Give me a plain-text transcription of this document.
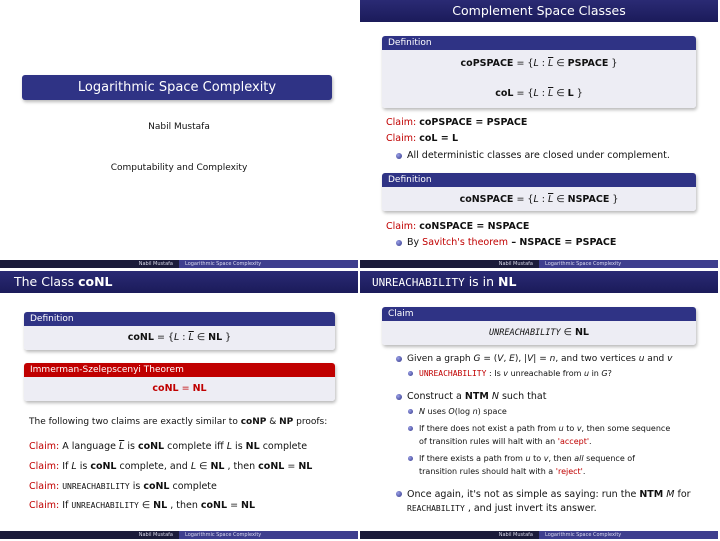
Logarithmic Space Complexity
Nabil Mustafa
Computability and Complexity
Nabil Mustafa	Logarithmic Space Complexity
Complement Space Classes
Definition
coPSPACE = {L : $\overline{L}$ ∈ PSPACE }
coL = {L : $\overline{L}$ ∈ L }
Claim: coPSPACE = PSPACE
Claim: coL = L
All deterministic classes are closed under complement.
Definition
coNSPACE = {L : $\overline{L}$ ∈ NSPACE }
Claim: coNSPACE = NSPACE
By Savitch's theorem – NSPACE = PSPACE
Nabil Mustafa	Logarithmic Space Complexity
The Class coNL
Definition
coNL = {L : $\overline{L}$ ∈ NL }
Immerman-Szelepscenyi Theorem
coNL = NL
The following two claims are exactly similar to coNP & NP proofs:
Claim: A language $\overline{L}$ is coNL complete iff L is NL complete
Claim: If L is coNL complete, and L ∈ NL , then coNL = NL
Claim: UNREACHABILITY is coNL complete
Claim: If UNREACHABILITY ∈ NL , then coNL = NL
Nabil Mustafa	Logarithmic Space Complexity
UNREACHABILITY is in NL
Claim
UNREACHABILITY ∈ NL
Given a graph G = (V, E), |V| = n, and two vertices u and v
UNREACHABILITY : Is v unreachable from u in G?
Construct a NTM N such that
N uses O(log n) space
If there does not exist a path from u to v, then some sequence
of transition rules will halt with an 'accept'.
If there exists a path from u to v, then all sequence of
transition rules should halt with a 'reject'.
Once again, it's not as simple as saying: run the NTM M for
REACHABILITY , and just invert its answer.
Nabil Mustafa	Logarithmic Space Complexity
